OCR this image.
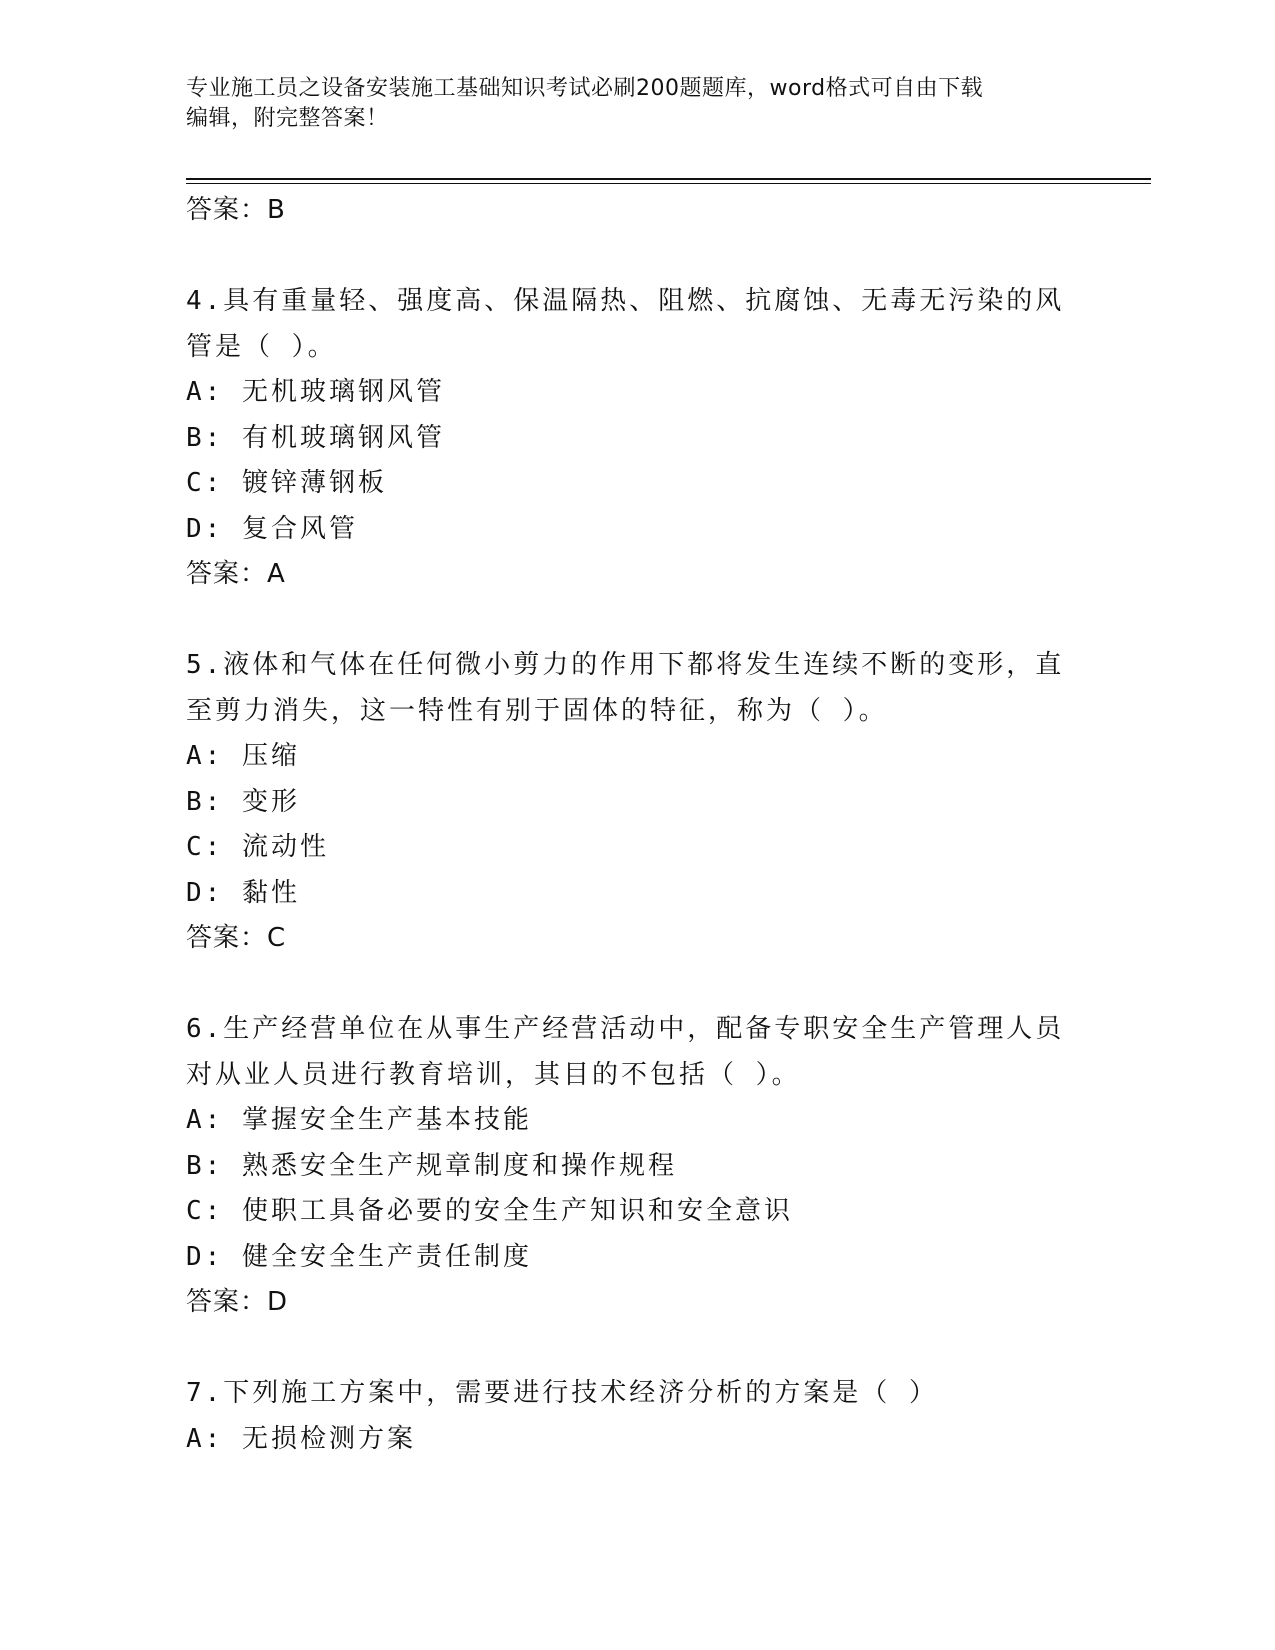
专业施工员之设备安装施工基础知识考试必刷200题题库，word格式可自由下载
编辑，附完整答案！
答案：B
4.具有重量轻、强度高、保温隔热、阻燃、抗腐蚀、无毒无污染的风
管是（ ）。
A: 无机玻璃钢风管
B: 有机玻璃钢风管
C: 镀锌薄钢板
D: 复合风管
答案：A
5.液体和气体在任何微小剪力的作用下都将发生连续不断的变形，直
至剪力消失，这一特性有别于固体的特征，称为（ ）。
A: 压缩
B: 变形
C: 流动性
D: 黏性
答案：C
6.生产经营单位在从事生产经营活动中，配备专职安全生产管理人员
对从业人员进行教育培训，其目的不包括（ ）。
A: 掌握安全生产基本技能
B: 熟悉安全生产规章制度和操作规程
C: 使职工具备必要的安全生产知识和安全意识
D: 健全安全生产责任制度
答案：D
7.下列施工方案中，需要进行技术经济分析的方案是（ ）
A: 无损检测方案
